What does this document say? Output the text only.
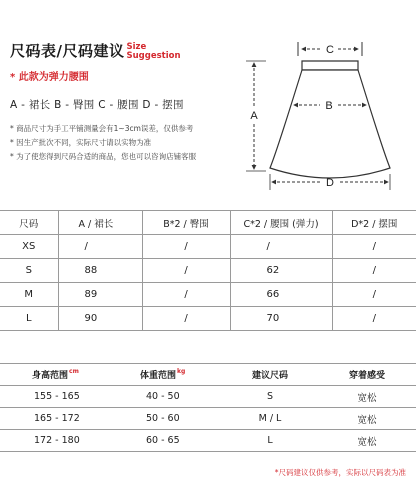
尺码表/尺码建议 Size
Suggestion
* 此款为弹力腰围
A - 裙长 B - 臀围 C - 腰围 D - 摆围
* 商品尺寸为手工平铺测量会有1~3cm误差，仅供参考
* 因生产批次不同，实际尺寸请以实物为准
* 为了使您得到尺码合适的商品，您也可以咨询店铺客服
C
B
A
D
尺码	A / 裙长	B*2 / 臀围	C*2 / 腰围 (弹力)	D*2 / 摆围
XS	/	/	/	/
S	88	/	62	/
M	89	/	66	/
L	90	/	70	/
身高范围$^{cm}$	体重范围$^{kg}$	建议尺码	穿着感受
155 - 165	40 - 50	S	宽松
165 - 172	50 - 60	M / L	宽松
172 - 180	60 - 65	L	宽松
*尺码建议仅供参考，实际以尺码表为准
